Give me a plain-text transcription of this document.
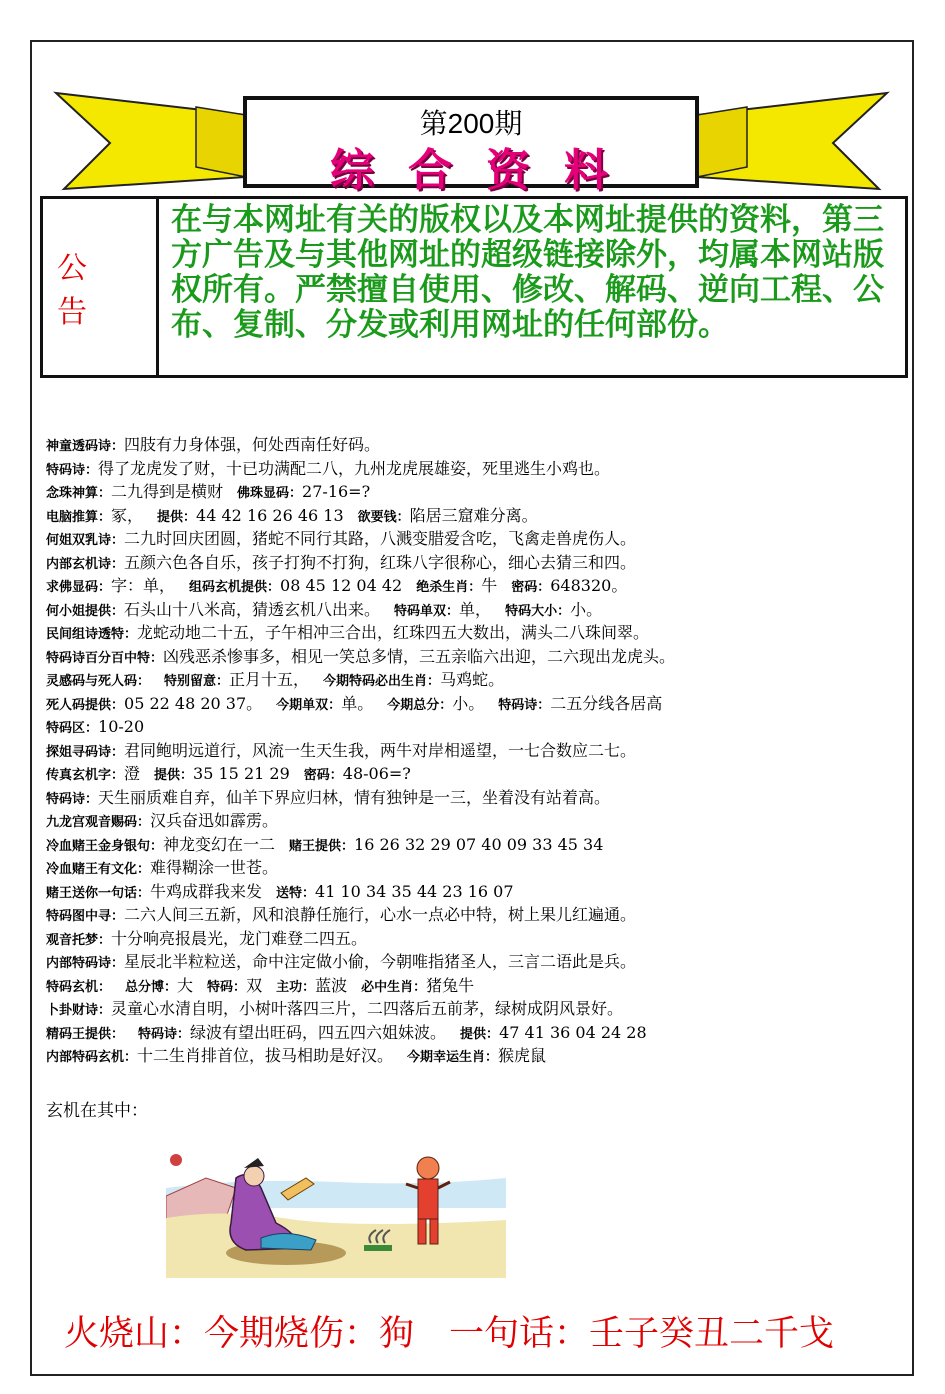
第200期
综合资料
公告
在与本网址有关的版权以及本网址提供的资料，第三方广告及与其他网址的超级链接除外，均属本网站版权所有。严禁擅自使用、修改、解码、逆向工程、公布、复制、分发或利用网址的任何部份。
神童透码诗：四肢有力身体强，何处西南任好码。
特码诗：得了龙虎发了财，十已功满配二八，九州龙虎展雄姿，死里逃生小鸡也。
念珠神算：二九得到是横财 佛珠显码：27-16=?
电脑推算：冢， 提供：44 42 16 26 46 13 欲要钱：陷居三窟难分离。
何姐双乳诗：二九时回庆团圆，猪蛇不同行其路，八溅变腊爱含吃，飞禽走兽虎伤人。
内部玄机诗：五颜六色各自乐，孩子打狗不打狗，红珠八字很称心，细心去猜三和四。
求佛显码：字：单， 组码玄机提供：08 45 12 04 42 绝杀生肖：牛 密码：648320。
何小姐提供：石头山十八米高，猜透玄机八出来。 特码单双：单， 特码大小：小。
民间组诗透特：龙蛇动地二十五，子午相冲三合出，红珠四五大数出，满头二八珠间翠。
特码诗百分百中特：凶残恶杀惨事多，相见一笑总多情，三五亲临六出迎，二六现出龙虎头。
灵感码与死人码： 特别留意：正月十五， 今期特码必出生肖：马鸡蛇。
死人码提供：05 22 48 20 37。 今期单双：单。 今期总分：小。 特码诗：二五分线各居高
特码区：10-20
探姐寻码诗：君同鲍明远道行，风流一生天生我，两牛对岸相遥望，一七合数应二七。
传真玄机字：澄 提供：35 15 21 29 密码：48-06=?
特码诗：天生丽质难自弃，仙羊下界应归林，情有独钟是一三，坐着没有站着高。
九龙宫观音赐码：汉兵奋迅如霹雳。
冷血赌王金身银句：神龙变幻在一二 赌王提供：16 26 32 29 07 40 09 33 45 34
冷血赌王有文化：难得糊涂一世苍。
赌王送你一句话：牛鸡成群我来发 送特：41 10 34 35 44 23 16 07
特码图中寻：二六人间三五新，风和浪静任施行，心水一点必中特，树上果儿红遍通。
观音托梦：十分响亮报晨光，龙门难登二四五。
内部特码诗：星辰北半粒粒送，命中注定做小偷，今朝唯指猪圣人，三言二语此是兵。
特码玄机： 总分博：大 特码：双 主功：蓝波 必中生肖：猪兔牛
卜卦财诗：灵童心水清自明，小树叶落四三片，二四落后五前茅，绿树成阴风景好。
精码王提供： 特码诗：绿波有望出旺码，四五四六姐妹波。 提供：47 41 36 04 24 28
内部特码玄机：十二生肖排首位，拔马相助是好汉。 今期幸运生肖：猴虎鼠
玄机在其中：
火烧山：今期烧伤：狗　一句话：壬子癸丑二千戈
